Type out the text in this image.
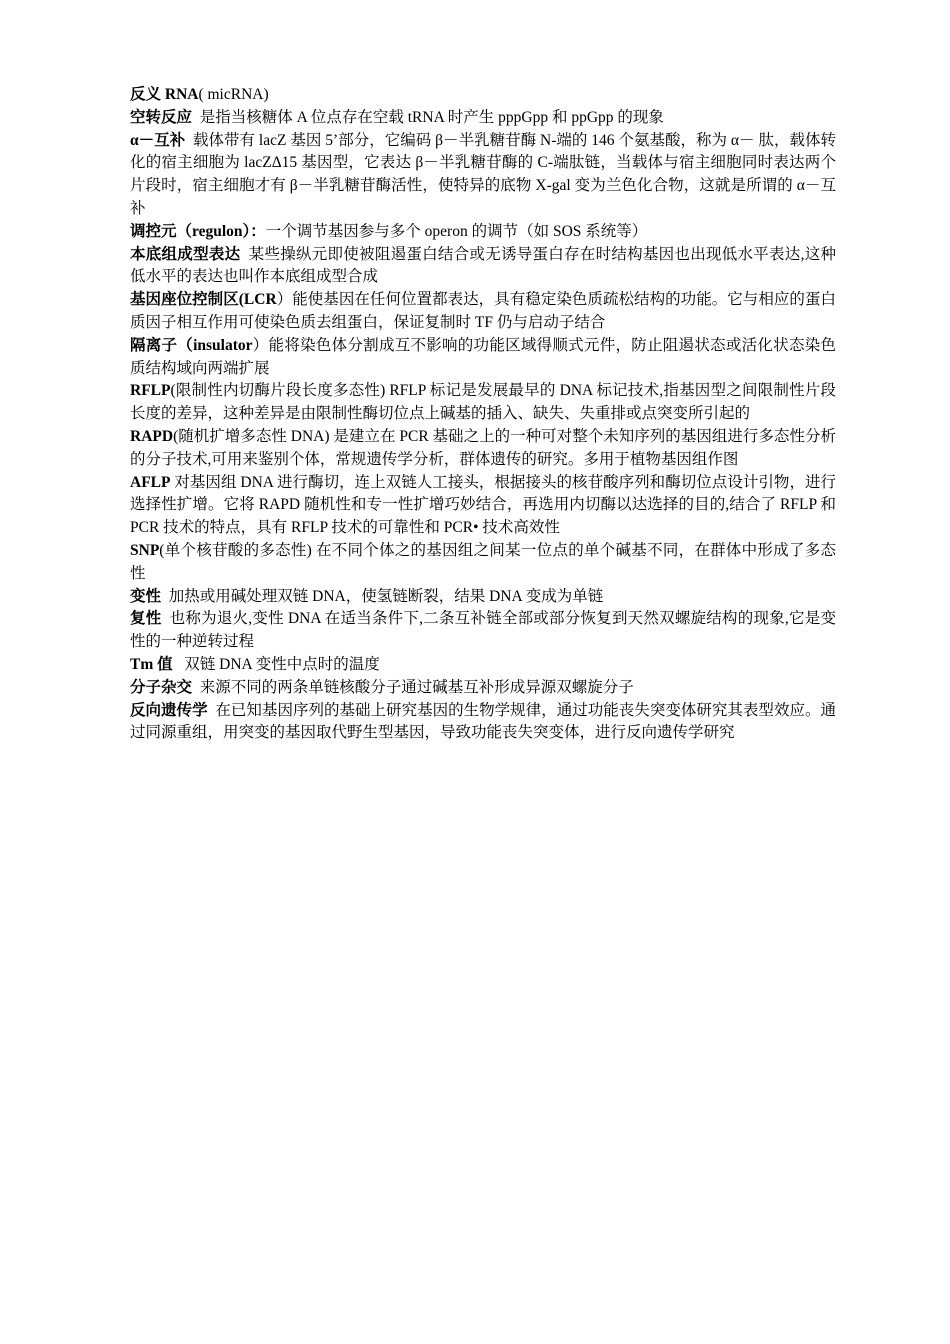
反义 RNA( micRNA)

空转反应  是指当核糖体 A 位点存在空载 tRNA 时产生 pppGpp 和 ppGpp 的现象

α－互补  载体带有 lacZ 基因 5’部分，它编码 β－半乳糖苷酶 N-端的 146 个氨基酸，称为 α－ 肽，载体转化的宿主细胞为 lacZΔ15 基因型，它表达 β－半乳糖苷酶的 C-端肽链，当载体与宿主细胞同时表达两个片段时，宿主细胞才有 β－半乳糖苷酶活性，使特异的底物 X-gal 变为兰色化合物，这就是所谓的 α－互补

调控元（regulon）：一个调节基因参与多个 operon 的调节（如 SOS 系统等）

本底组成型表达  某些操纵元即使被阻遏蛋白结合或无诱导蛋白存在时结构基因也出现低水平表达,这种低水平的表达也叫作本底组成型合成

基因座位控制区(LCR）能使基因在任何位置都表达，具有稳定染色质疏松结构的功能。它与相应的蛋白质因子相互作用可使染色质去组蛋白，保证复制时 TF 仍与启动子结合

隔离子（insulator）能将染色体分割成互不影响的功能区域得顺式元件，防止阻遏状态或活化状态染色质结构域向两端扩展

RFLP(限制性内切酶片段长度多态性) RFLP 标记是发展最早的 DNA 标记技术,指基因型之间限制性片段长度的差异，这种差异是由限制性酶切位点上碱基的插入、缺失、失重排或点突变所引起的

RAPD(随机扩增多态性 DNA) 是建立在 PCR 基础之上的一种可对整个未知序列的基因组进行多态性分析的分子技术,可用来鉴别个体，常规遗传学分析，群体遗传的研究。多用于植物基因组作图

AFLP 对基因组 DNA 进行酶切，连上双链人工接头，根据接头的核苷酸序列和酶切位点设计引物，进行选择性扩增。它将 RAPD 随机性和专一性扩增巧妙结合，再选用内切酶以达选择的目的,结合了 RFLP 和 PCR 技术的特点，具有 RFLP 技术的可靠性和 PCR• 技术高效性

SNP(单个核苷酸的多态性) 在不同个体之的基因组之间某一位点的单个碱基不同，在群体中形成了多态性

变性  加热或用碱处理双链 DNA，使氢链断裂，结果 DNA 变成为单链

复性  也称为退火,变性 DNA 在适当条件下,二条互补链全部或部分恢复到天然双螺旋结构的现象,它是变性的一种逆转过程

Tm 值   双链 DNA 变性中点时的温度

分子杂交  来源不同的两条单链核酸分子通过碱基互补形成异源双螺旋分子

反向遗传学  在已知基因序列的基础上研究基因的生物学规律，通过功能丧失突变体研究其表型效应。通过同源重组，用突变的基因取代野生型基因，导致功能丧失突变体，进行反向遗传学研究
